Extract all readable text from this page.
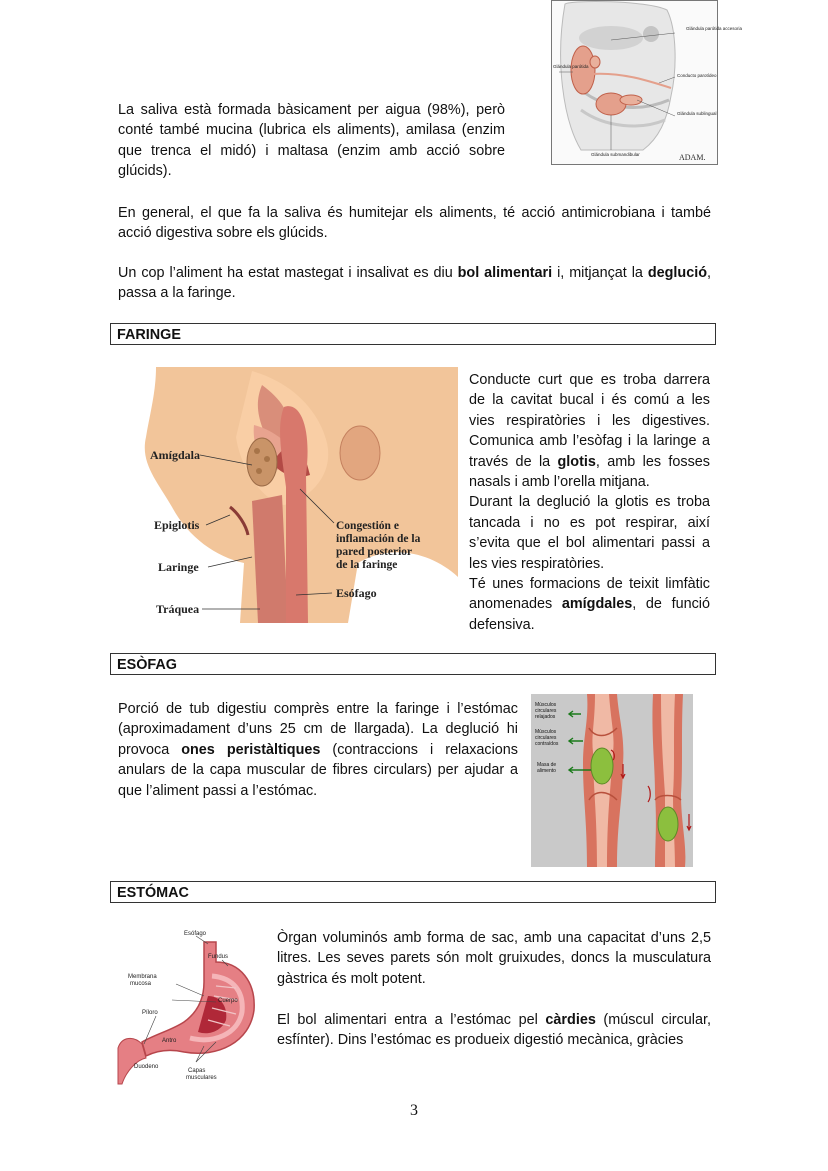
Glándula parótida accesoria
Glándula parótida
Conducto parotídeo
Glándula sublingual
Glándula submandibular	ADAM.

La saliva està formada bàsicament per aigua (98%), però conté també mucina (lubrica els aliments), amilasa (enzim que trenca el midó) i maltasa (enzim amb acció sobre glúcids).

En general, el que fa la saliva és humitejar els aliments, té acció antimicrobiana i també acció digestiva sobre els glúcids.

Un cop l’aliment ha estat mastegat i insalivat es diu bol alimentari i, mitjançat la deglució, passa a la faringe.

FARINGE
Amígdala
Epiglotis
Laringe
Tráquea
Congestión e
inflamación de la
pared posterior
de la faringe
Esófago

Conducte curt que es troba darrera de la cavitat bucal i és comú a les vies respiratòries i les digestives. Comunica amb l’esòfag i la laringe a través de la glotis, amb les fosses nasals i amb l’orella mitjana.
Durant la deglució la glotis es troba tancada i no es pot respirar, així s’evita que el bol alimentari passi a les vies respiratòries.
Té unes formacions de teixit limfàtic anomenades amígdales, de funció defensiva.

ESÒFAG

Porció de tub digestiu comprès entre la faringe i l’estómac (aproximadament d’uns 25 cm de llargada). La deglució hi provoca ones peristàltiques (contraccions i relaxacions anulars de la capa muscular de fibres circulars) per ajudar a que l’aliment passi a l’estómac.

Músculos
circulares
relajados
Músculos
circulares
contraídos
Masa de
alimento
ESTÓMAC
Esófago
Fundus
Membrana
mucosa
Cuerpo
Píloro
Antro
Duodeno
Capas
musculares

Òrgan voluminós amb forma de sac, amb una capacitat d’uns 2,5 litres. Les seves parets són molt gruixudes, doncs la musculatura gàstrica és molt potent.

El bol alimentari entra a l’estómac pel càrdies (múscul circular, esfínter). Dins l’estómac es produeix digestió mecànica, gràcies

3
